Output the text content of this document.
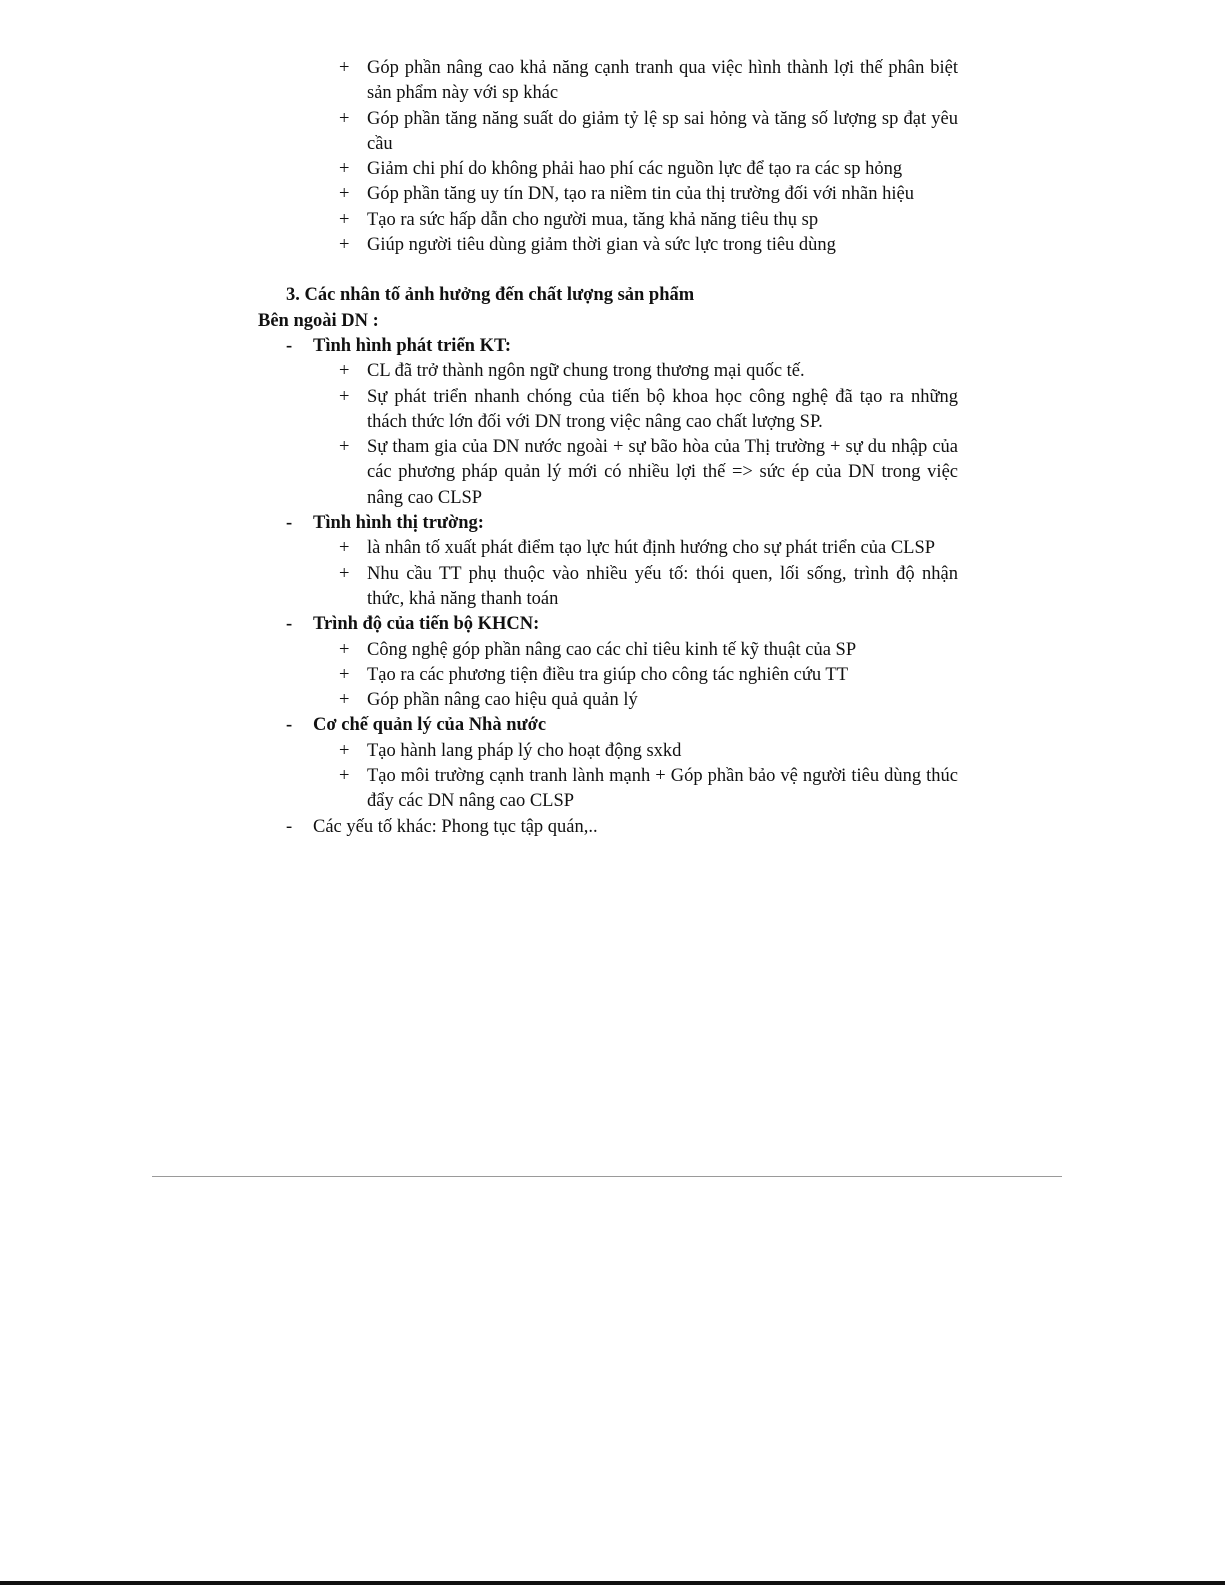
+ Góp phần nâng cao khả năng cạnh tranh qua việc hình thành lợi thế phân biệt sản phẩm này với sp khác
+ Góp phần tăng năng suất do giảm tỷ lệ sp sai hỏng và tăng số lượng sp đạt yêu cầu
+ Giảm chi phí do không phải hao phí các nguồn lực để tạo ra các sp hỏng
+ Góp phần tăng uy tín DN, tạo ra niềm tin của thị trường đối với nhãn hiệu
+ Tạo ra sức hấp dẫn cho người mua, tăng khả năng tiêu thụ sp
+ Giúp người tiêu dùng giảm thời gian và sức lực trong tiêu dùng
3. Các nhân tố ảnh hưởng đến chất lượng sản phẩm
Bên ngoài DN :
- Tình hình phát triển KT:
+ CL đã trở thành ngôn ngữ chung trong thương mại quốc tế.
+ Sự phát triển nhanh chóng của tiến bộ khoa học công nghệ đã tạo ra những thách thức lớn đối với DN trong việc nâng cao chất lượng SP.
+ Sự tham gia của DN nước ngoài + sự bão hòa của Thị trường + sự du nhập của các phương pháp quản lý mới có nhiều lợi thế => sức ép của DN trong việc nâng cao CLSP
- Tình hình thị trường:
+ là nhân tố xuất phát điểm tạo lực hút định hướng cho sự phát triển của CLSP
+ Nhu cầu TT phụ thuộc vào nhiều yếu tố: thói quen, lối sống, trình độ nhận thức, khả năng thanh toán
- Trình độ của tiến bộ KHCN:
+ Công nghệ góp phần nâng cao các chỉ tiêu kinh tế kỹ thuật của SP
+ Tạo ra các phương tiện điều tra giúp cho công tác nghiên cứu TT
+ Góp phần nâng cao hiệu quả quản lý
- Cơ chế quản lý của Nhà nước
+ Tạo hành lang pháp lý cho hoạt động sxkd
+ Tạo môi trường cạnh tranh lành mạnh + Góp phần bảo vệ người tiêu dùng thúc đẩy các DN nâng cao CLSP
- Các yếu tố khác: Phong tục tập quán,..
